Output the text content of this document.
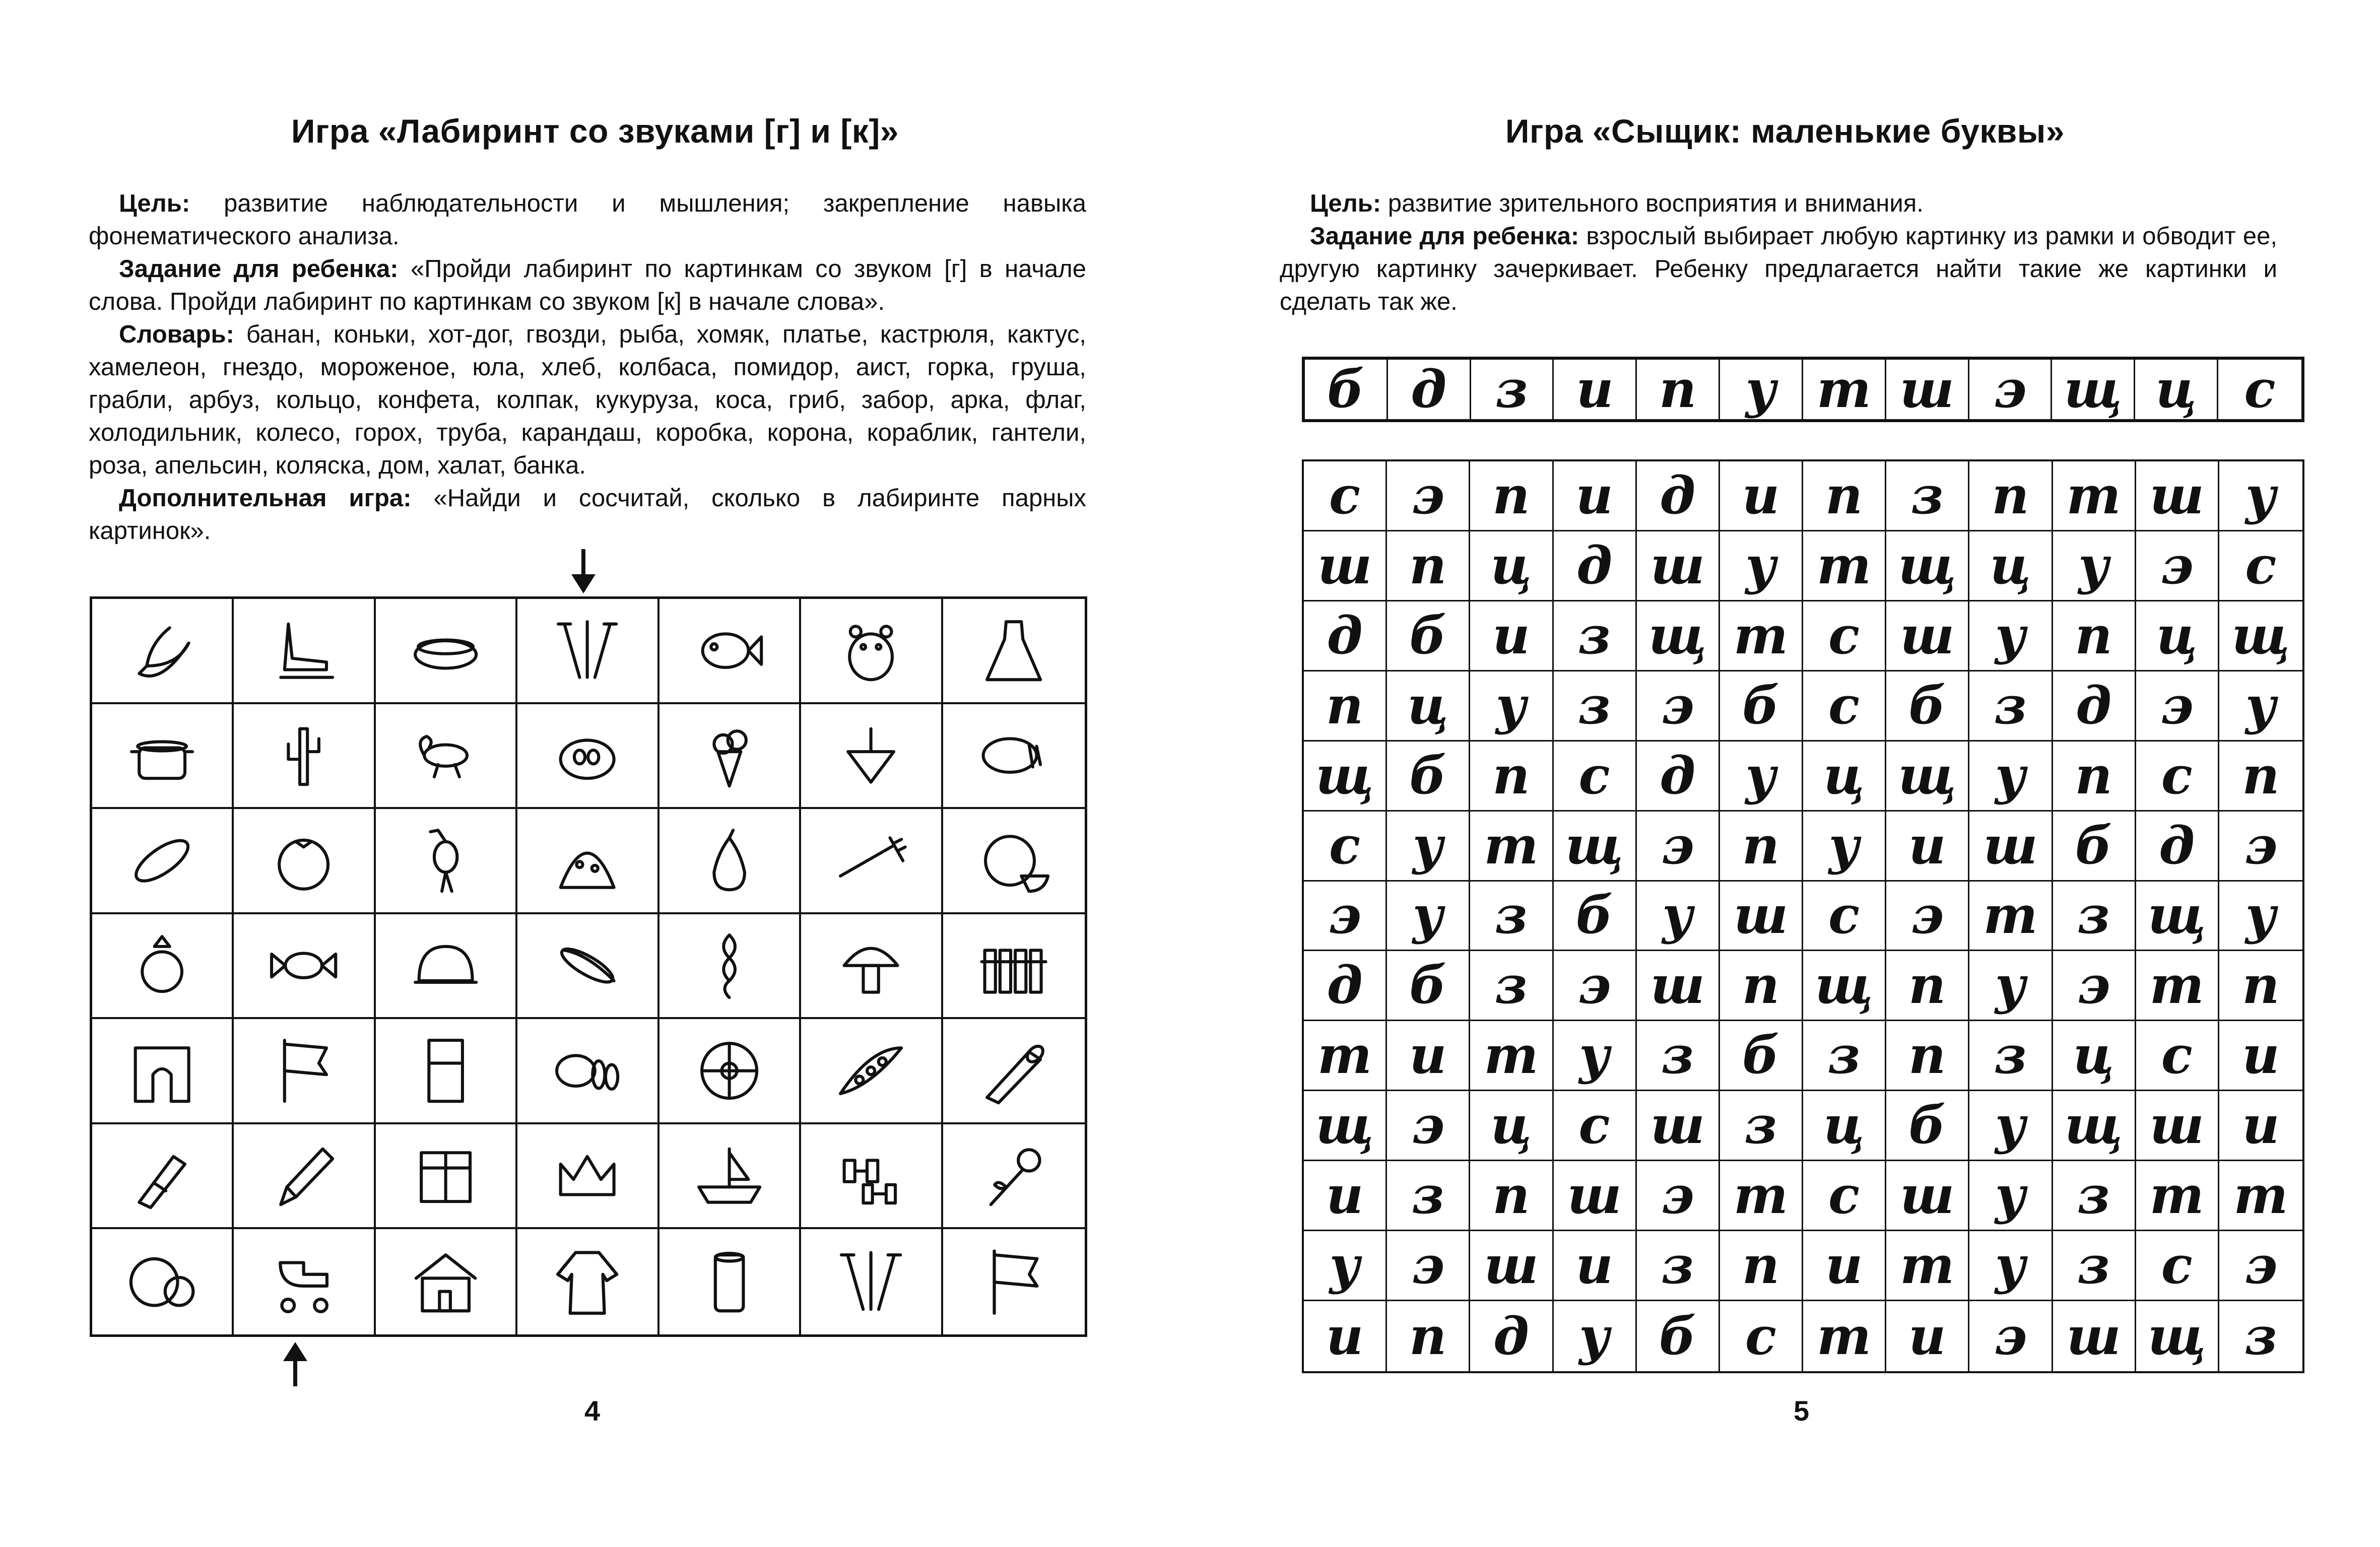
Игра «Лабиринт со звуками [г] и [к]»

Цель: развитие наблюдательности и мышления; закрепление навыка фонематического анализа.

Задание для ребенка: «Пройди лабиринт по картинкам со звуком [г] в начале слова. Пройди лабиринт по картинкам со звуком [к] в начале слова».

Словарь: банан, коньки, хот-дог, гвозди, рыба, хомяк, платье, кастрюля, кактус, хамелеон, гнездо, мороженое, юла, хлеб, колбаса, помидор, аист, горка, груша, грабли, арбуз, кольцо, конфета, колпак, кукуруза, коса, гриб, забор, арка, флаг, холодильник, колесо, горох, труба, карандаш, коробка, корона, кораблик, гантели, роза, апельсин, коляска, дом, халат, банка.

Дополнительная игра: «Найди и сосчитай, сколько в лабиринте парных картинок».

4
Игра «Сыщик: маленькие буквы»

Цель: развитие зрительного восприятия и внимания.

Задание для ребенка: взрослый выбирает любую картинку из рамки и обводит ее, другую картинку зачеркивает. Ребенку предлагается найти такие же картинки и сделать так же.

5
б д з и п у т ш э щ ц с
с э п и д и п з п т ш у
ш п ц д ш у т щ ц у э	с
д б и з щ т с ш у п ц щ
п ц у	з э б с б з д э	у
щ б п с д у ц щ у п с п
с	у т щ э п у и ш б д э
э у	з б у ш с э т з щ у
д б з э ш п щ п у э т п
т и т у	з б з п з ц с и
щ э ц с ш з ц б у щ ш и
и з п ш э т с ш у	з т т
у э ш и з п и т у	з с	э
и п д у б с т и э ш щ з
